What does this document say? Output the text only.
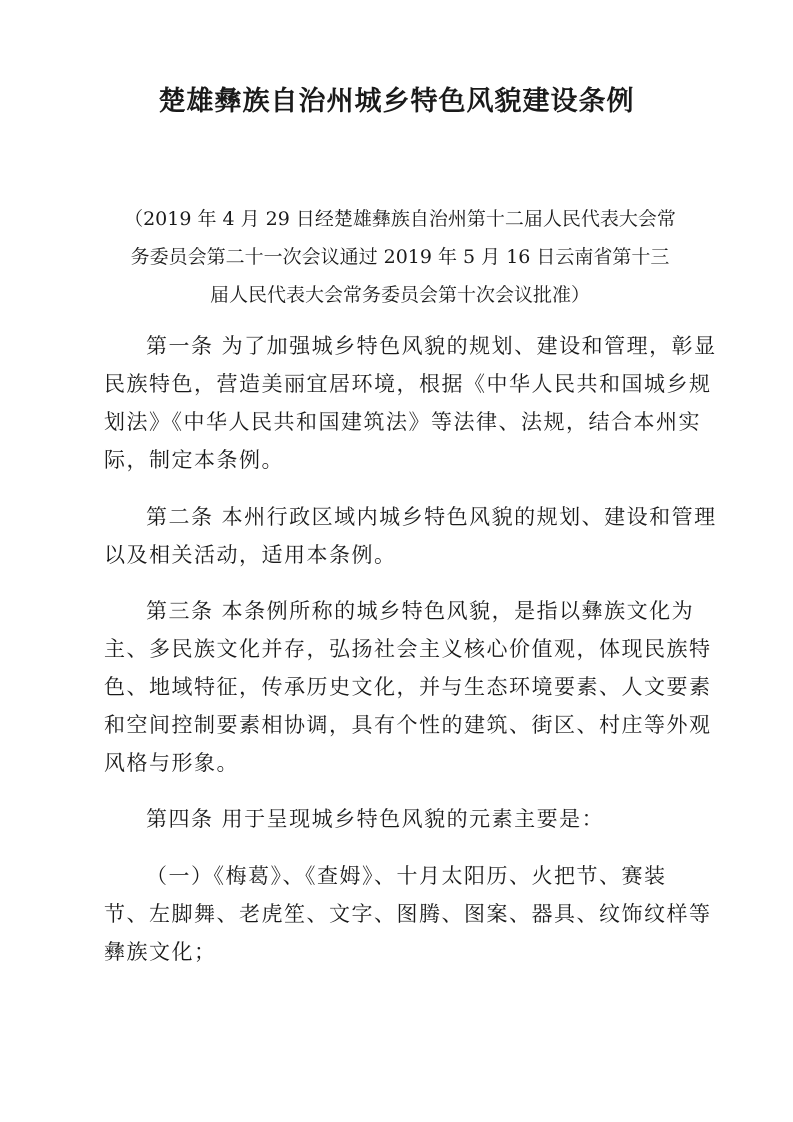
楚雄彝族自治州城乡特色风貌建设条例

（2019 年 4 月 29 日经楚雄彝族自治州第十二届人民代表大会常
务委员会第二十一次会议通过 2019 年 5 月 16 日云南省第十三
届人民代表大会常务委员会第十次会议批准）

第一条 为了加强城乡特色风貌的规划、建设和管理，彰显
民族特色，营造美丽宜居环境，根据《中华人民共和国城乡规
划法》《中华人民共和国建筑法》等法律、法规，结合本州实
际，制定本条例。

第二条 本州行政区域内城乡特色风貌的规划、建设和管理
以及相关活动，适用本条例。

第三条 本条例所称的城乡特色风貌，是指以彝族文化为
主、多民族文化并存，弘扬社会主义核心价值观，体现民族特
色、地域特征，传承历史文化，并与生态环境要素、人文要素
和空间控制要素相协调，具有个性的建筑、街区、村庄等外观
风格与形象。

第四条 用于呈现城乡特色风貌的元素主要是：

（一）《梅葛》、《查姆》、十月太阳历、火把节、赛装
节、左脚舞、老虎笙、文字、图腾、图案、器具、纹饰纹样等
彝族文化；
